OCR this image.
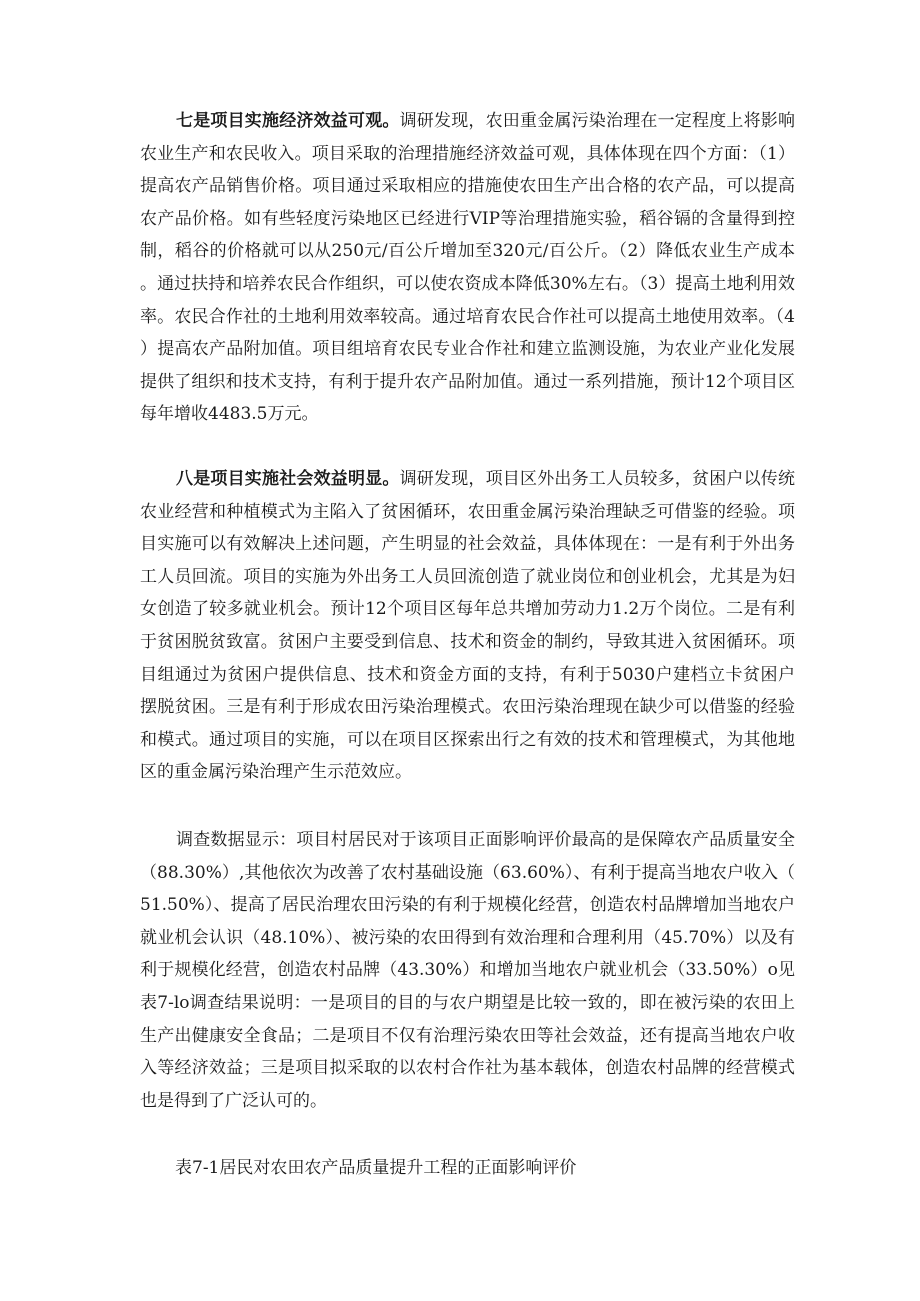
七是项目实施经济效益可观。调研发现，农田重金属污染治理在一定程度上将影响农业生产和农民收入。项目采取的治理措施经济效益可观，具体体现在四个方面：（1）提高农产品销售价格。项目通过采取相应的措施使农田生产出合格的农产品，可以提高农产品价格。如有些轻度污染地区已经进行VIP等治理措施实验，稻谷镉的含量得到控制，稻谷的价格就可以从250元/百公斤增加至320元/百公斤。（2）降低农业生产成本。通过扶持和培养农民合作组织，可以使农资成本降低30%左右。（3）提高土地利用效率。农民合作社的土地利用效率较高。通过培育农民合作社可以提高土地使用效率。（4）提高农产品附加值。项目组培育农民专业合作社和建立监测设施，为农业产业化发展提供了组织和技术支持，有利于提升农产品附加值。通过一系列措施，预计12个项目区每年增收4483.5万元。

八是项目实施社会效益明显。调研发现，项目区外出务工人员较多，贫困户以传统农业经营和种植模式为主陷入了贫困循环，农田重金属污染治理缺乏可借鉴的经验。项目实施可以有效解决上述问题，产生明显的社会效益，具体体现在：一是有利于外出务工人员回流。项目的实施为外出务工人员回流创造了就业岗位和创业机会，尤其是为妇女创造了较多就业机会。预计12个项目区每年总共增加劳动力1.2万个岗位。二是有利于贫困脱贫致富。贫困户主要受到信息、技术和资金的制约，导致其进入贫困循环。项目组通过为贫困户提供信息、技术和资金方面的支持，有利于5030户建档立卡贫困户摆脱贫困。三是有利于形成农田污染治理模式。农田污染治理现在缺少可以借鉴的经验和模式。通过项目的实施，可以在项目区探索出行之有效的技术和管理模式，为其他地区的重金属污染治理产生示范效应。

调查数据显示：项目村居民对于该项目正面影响评价最高的是保障农产品质量安全（88.30%）,其他依次为改善了农村基础设施（63.60%）、有利于提高当地农户收入（51.50%）、提高了居民治理农田污染的有利于规模化经营，创造农村品牌增加当地农户就业机会认识（48.10%）、被污染的农田得到有效治理和合理利用（45.70%）以及有利于规模化经营，创造农村品牌（43.30%）和增加当地农户就业机会（33.50%）o见表7-lo调查结果说明：一是项目的目的与农户期望是比较一致的，即在被污染的农田上生产出健康安全食品；二是项目不仅有治理污染农田等社会效益，还有提高当地农户收入等经济效益；三是项目拟采取的以农村合作社为基本载体，创造农村品牌的经营模式也是得到了广泛认可的。

表7-1居民对农田农产品质量提升工程的正面影响评价
